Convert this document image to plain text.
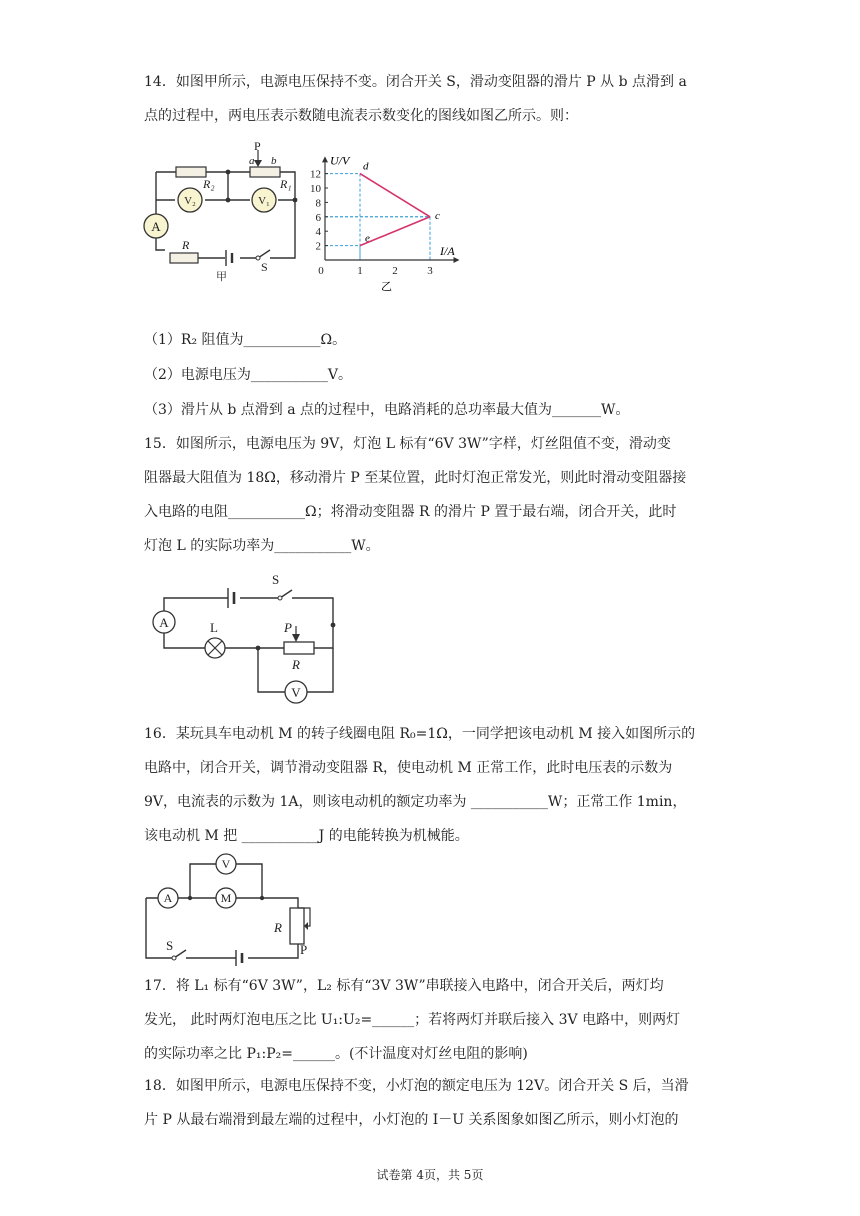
14．如图甲所示，电源电压保持不变。闭合开关 S，滑动变阻器的滑片 P 从 b 点滑到 a

点的过程中，两电压表示数随电流表示数变化的图线如图乙所示。则：

P
a b
R₂	R₁
V₂	V₁
A
R
S
甲
12
10
8
6
4
2
0	1	2	3
U/V
I/A
乙
d
c
e

（1）R₂ 阻值为___________Ω。

（2）电源电压为___________V。

（3）滑片从 b 点滑到 a 点的过程中，电路消耗的总功率最大值为_______W。

15．如图所示，电源电压为 9V，灯泡 L 标有“6V 3W”字样，灯丝阻值不变，滑动变

阻器最大阻值为 18Ω，移动滑片 P 至某位置，此时灯泡正常发光，则此时滑动变阻器接

入电路的电阻___________Ω；将滑动变阻器 R 的滑片 P 置于最右端，闭合开关，此时

灯泡 L 的实际功率为___________W。

S
A	L	P
R
V

16．某玩具车电动机 M 的转子线圈电阻 R₀=1Ω，一同学把该电动机 M 接入如图所示的

电路中，闭合开关，调节滑动变阻器 R，使电动机 M 正常工作，此时电压表的示数为

9V，电流表的示数为 1A，则该电动机的额定功率为 ___________W；正常工作 1min，

该电动机 M 把 ___________J 的电能转换为机械能。

V
A	M
R
P
S

17．将 L₁ 标有“6V 3W”，L₂ 标有“3V 3W”串联接入电路中，闭合开关后，两灯均

发光， 此时两灯泡电压之比 U₁:U₂=______；若将两灯并联后接入 3V 电路中，则两灯

的实际功率之比 P₁:P₂=______。(不计温度对灯丝电阻的影响)

18．如图甲所示，电源电压保持不变，小灯泡的额定电压为 12V。闭合开关 S 后，当滑

片 P 从最右端滑到最左端的过程中，小灯泡的 I－U 关系图象如图乙所示，则小灯泡的

试卷第 4页，共 5页
